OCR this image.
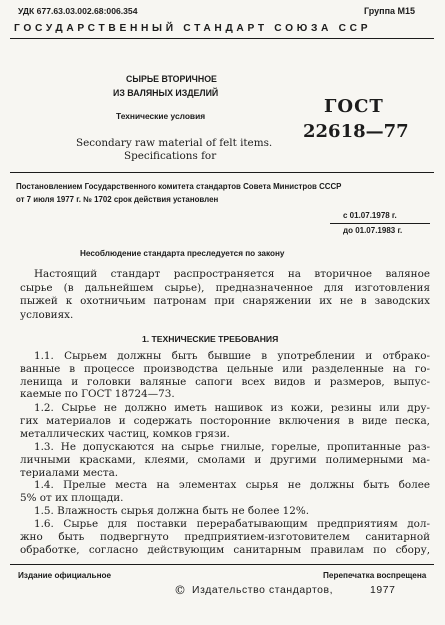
УДК 677.63.03.002.68:006.354	Группа М15
ГОСУДАРСТВЕННЫЙ СТАНДАРТ СОЮЗА ССР
СЫРЬЕ ВТОРИЧНОЕ
ИЗ ВАЛЯНЫХ ИЗДЕЛИЙ
Технические условия
Secondary raw material of felt items.
Specifications for
ГОСТ
22618—77
Постановлением Государственного комитета стандартов Совета Министров СССР
от 7 июля 1977 г. № 1702 срок действия установлен
с 01.07.1978 г.
до 01.07.1983 г.
Несоблюдение стандарта преследуется по закону
Настоящий стандарт распространяется на вторичное валяное
сырье (в дальнейшем сырье), предназначенное для изготовления
пыжей к охотничьим патронам при снаряжении их не в заводских
условиях.
1. ТЕХНИЧЕСКИЕ ТРЕБОВАНИЯ
1.1. Сырьем должны быть бывшие в употреблении и отбрако-
ванные в процессе производства цельные или разделенные на го-
ленища и головки валяные сапоги всех видов и размеров, выпус-
каемые по ГОСТ 18724—73.
1.2. Сырье не должно иметь нашивок из кожи, резины или дру-
гих материалов и содержать посторонние включения в виде песка,
металлических частиц, комков грязи.
1.3. Не допускаются на сырье гнилые, горелые, пропитанные раз-
личными красками, клеями, смолами и другими полимерными ма-
териалами места.
1.4. Прелые места на элементах сырья не должны быть более
5% от их площади.
1.5. Влажность сырья должна быть не более 12%.
1.6. Сырье для поставки перерабатывающим предприятиям дол-
жно быть подвергнуто предприятием-изготовителем санитарной
обработке, согласно действующим санитарным правилам по сбору,
Издание официальное	Перепечатка воспрещена
© Издательство стандартов,	1977
